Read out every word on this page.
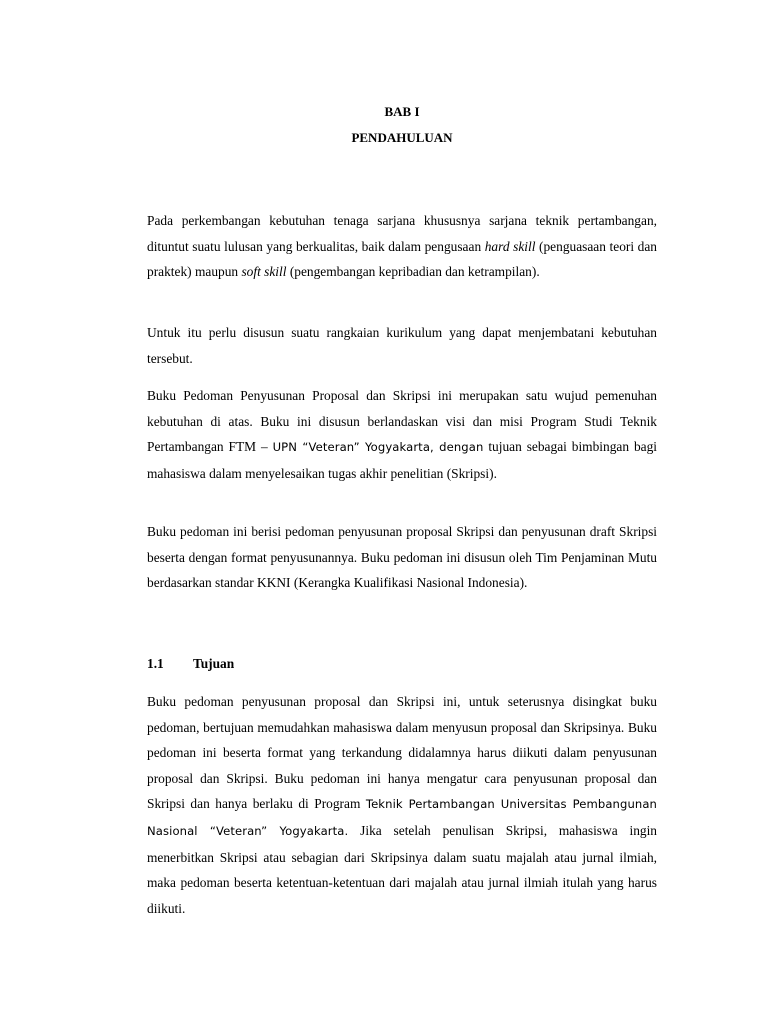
BAB I
PENDAHULUAN

Pada perkembangan kebutuhan tenaga sarjana khususnya sarjana teknik pertambangan, dituntut suatu lulusan yang berkualitas, baik dalam pengusaan hard skill (penguasaan teori dan praktek) maupun soft skill (pengembangan kepribadian dan ketrampilan).

Untuk itu perlu disusun suatu rangkaian kurikulum yang dapat menjembatani kebutuhan tersebut.

Buku Pedoman Penyusunan Proposal dan Skripsi ini merupakan satu wujud pemenuhan kebutuhan di atas. Buku ini disusun berlandaskan visi dan misi Program Studi Teknik Pertambangan FTM – UPN “Veteran” Yogyakarta, dengan tujuan sebagai bimbingan bagi mahasiswa dalam menyelesaikan tugas akhir penelitian (Skripsi).

Buku pedoman ini berisi pedoman penyusunan proposal Skripsi dan penyusunan draft Skripsi beserta dengan format penyusunannya. Buku pedoman ini disusun oleh Tim Penjaminan Mutu berdasarkan standar KKNI (Kerangka Kualifikasi Nasional Indonesia).

1.1	Tujuan

Buku pedoman penyusunan proposal dan Skripsi ini, untuk seterusnya disingkat buku pedoman, bertujuan memudahkan mahasiswa dalam menyusun proposal dan Skripsinya. Buku pedoman ini beserta format yang terkandung didalamnya harus diikuti dalam penyusunan proposal dan Skripsi. Buku pedoman ini hanya mengatur cara penyusunan proposal dan Skripsi dan hanya berlaku di Program Teknik Pertambangan Universitas Pembangunan Nasional “Veteran” Yogyakarta. Jika setelah penulisan Skripsi, mahasiswa ingin menerbitkan Skripsi atau sebagian dari Skripsinya dalam suatu majalah atau jurnal ilmiah, maka pedoman beserta ketentuan-ketentuan dari majalah atau jurnal ilmiah itulah yang harus diikuti.
